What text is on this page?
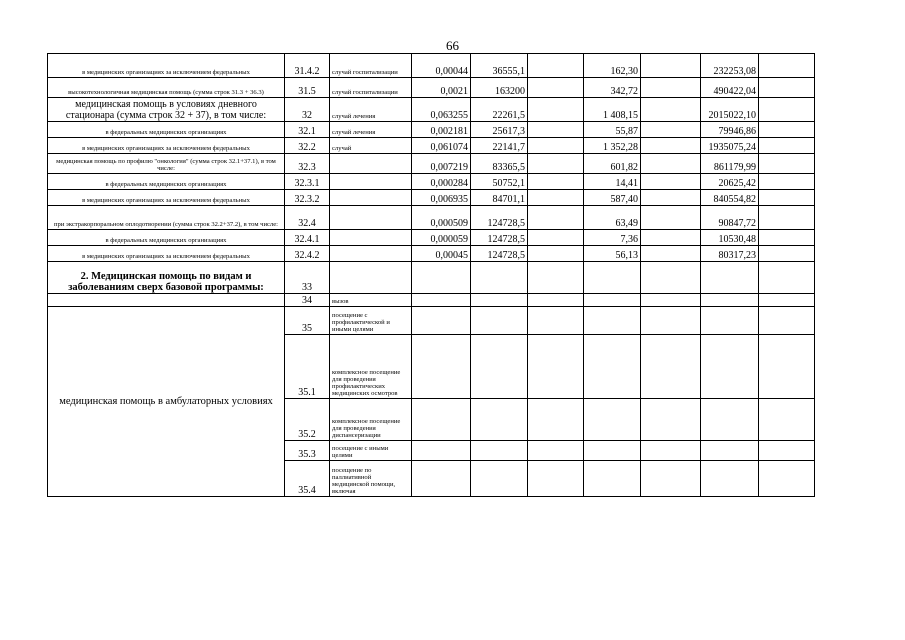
66
в медицинских организациях за исключением федеральных	31.4.2	случай госпитализации	0,00044	36555,1		162,30		232253,08	
высокотехнологичная медицинская помощь (сумма строк 31.3 + 36.3)	31.5	случай госпитализации	0,0021	163200		342,72		490422,04	
медицинская помощь в условиях дневного стационара (сумма строк 32 + 37), в том числе:	32	случай лечения	0,063255	22261,5		1 408,15		2015022,10	
в федеральных медицинских организациях	32.1	случай лечения	0,002181	25617,3		55,87		79946,86	
в медицинских организациях за исключением федеральных	32.2	случай	0,061074	22141,7		1 352,28		1935075,24	
медицинская помощь по профилю "онкология" (сумма строк 32.1+37.1), в том числе:	32.3		0,007219	83365,5		601,82		861179,99	
в федеральных медицинских организациях	32.3.1		0,000284	50752,1		14,41		20625,42	
в медицинских организациях за исключением федеральных	32.3.2		0,006935	84701,1		587,40		840554,82	
при экстракорпоральном оплодотворении (сумма строк 32.2+37.2), в том числе:	32.4		0,000509	124728,5		63,49		90847,72	
в федеральных медицинских организациях	32.4.1		0,000059	124728,5		7,36		10530,48	
в медицинских организациях за исключением федеральных	32.4.2		0,00045	124728,5		56,13		80317,23	
2. Медицинская помощь по видам и заболеваниям сверх базовой программы:	33								
	34	вызов							
медицинская помощь в амбулаторных условиях	35	посещение с профилактической и иными целями							
	35.1	комплексное посещение для проведения профилактических медицинских осмотров							
	35.2	комплексное посещение для проведения диспансеризации							
	35.3	посещение с иными целями							
	35.4	посещение по паллиативной медицинской помощи, включая							
